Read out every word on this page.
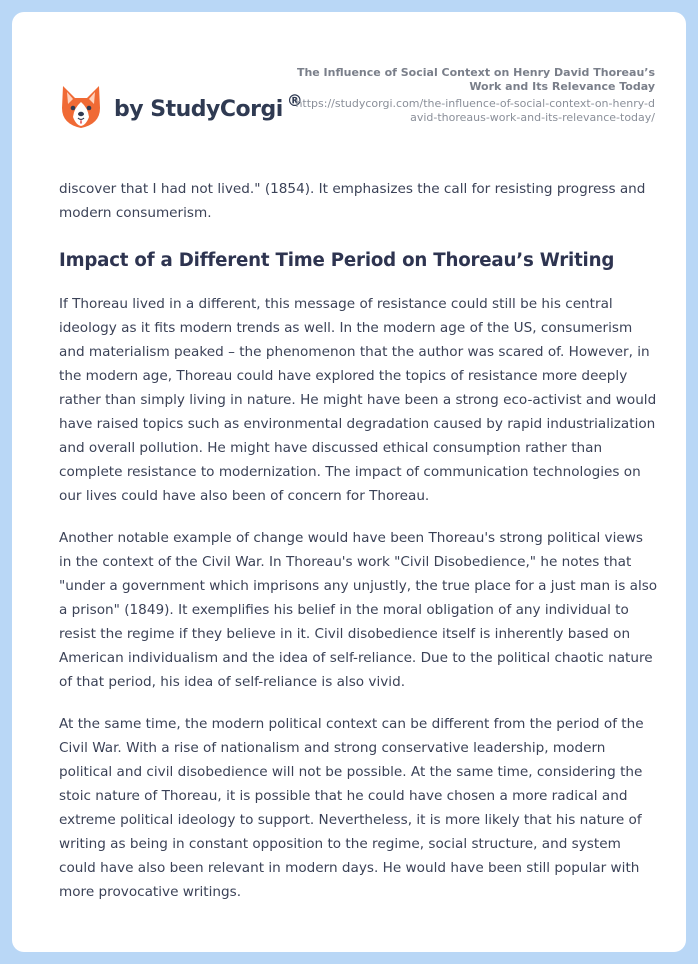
by StudyCorgi ®
The Influence of Social Context on Henry David Thoreau’s Work and Its Relevance Today
https://studycorgi.com/the-influence-of-social-context-on-henry-david-thoreaus-work-and-its-relevance-today/

discover that I had not lived." (1854). It emphasizes the call for resisting progress and modern consumerism.

Impact of a Different Time Period on Thoreau’s Writing

If Thoreau lived in a different, this message of resistance could still be his central ideology as it fits modern trends as well. In the modern age of the US, consumerism and materialism peaked – the phenomenon that the author was scared of. However, in the modern age, Thoreau could have explored the topics of resistance more deeply rather than simply living in nature. He might have been a strong eco-activist and would have raised topics such as environmental degradation caused by rapid industrialization and overall pollution. He might have discussed ethical consumption rather than complete resistance to modernization. The impact of communication technologies on our lives could have also been of concern for Thoreau.

Another notable example of change would have been Thoreau's strong political views in the context of the Civil War. In Thoreau's work "Civil Disobedience," he notes that "under a government which imprisons any unjustly, the true place for a just man is also a prison" (1849). It exemplifies his belief in the moral obligation of any individual to resist the regime if they believe in it. Civil disobedience itself is inherently based on American individualism and the idea of self-reliance. Due to the political chaotic nature of that period, his idea of self-reliance is also vivid.

At the same time, the modern political context can be different from the period of the Civil War. With a rise of nationalism and strong conservative leadership, modern political and civil disobedience will not be possible. At the same time, considering the stoic nature of Thoreau, it is possible that he could have chosen a more radical and extreme political ideology to support. Nevertheless, it is more likely that his nature of writing as being in constant opposition to the regime, social structure, and system could have also been relevant in modern days. He would have been still popular with more provocative writings.
